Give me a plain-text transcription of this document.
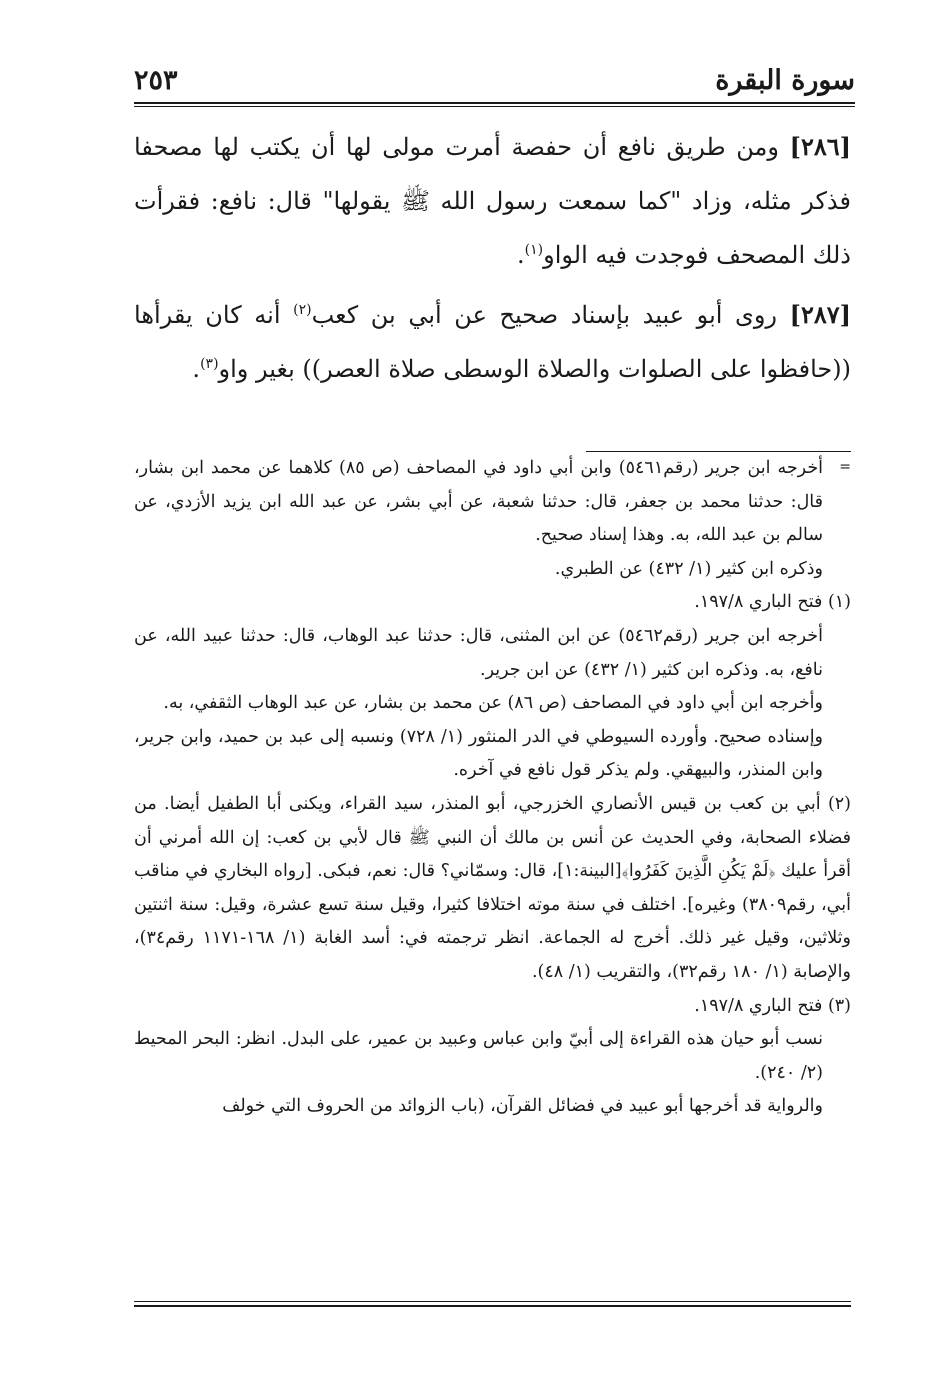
سورة البقرة
٢٥٣

[٢٨٦] ومن طريق نافع أن حفصة أمرت مولى لها أن يكتب لها مصحفا فذكر مثله، وزاد "كما سمعت رسول الله ﷺ يقولها" قال: نافع: فقرأت ذلك المصحف فوجدت فيه الواو$^{(١)}$.

[٢٨٧] روى أبو عبيد بإسناد صحيح عن أبي بن كعب$^{(٢)}$ أنه كان يقرأها ((حافظوا على الصلوات والصلاة الوسطى صلاة العصر)) بغير واو$^{(٣)}$.

=

أخرجه ابن جرير (رقم٥٤٦١) وابن أبي داود في المصاحف (ص ٨٥) كلاهما عن محمد ابن بشار، قال: حدثنا محمد بن جعفر، قال: حدثنا شعبة، عن أبي بشر، عن عبد الله ابن يزيد الأزدي، عن سالم بن عبد الله، به. وهذا إسناد صحيح.

وذكره ابن كثير (١/ ٤٣٢) عن الطبري.

(١) فتح الباري ١٩٧/٨.

أخرجه ابن جرير (رقم٥٤٦٢) عن ابن المثنى، قال: حدثنا عبد الوهاب، قال: حدثنا عبيد الله، عن نافع، به. وذكره ابن كثير (١/ ٤٣٢) عن ابن جرير.

وأخرجه ابن أبي داود في المصاحف (ص ٨٦) عن محمد بن بشار، عن عبد الوهاب الثقفي، به.

وإسناده صحيح. وأورده السيوطي في الدر المنثور (١/ ٧٢٨) ونسبه إلى عبد بن حميد، وابن جرير، وابن المنذر، والبيهقي. ولم يذكر قول نافع في آخره.

(٢) أبي بن كعب بن قيس الأنصاري الخزرجي، أبو المنذر، سيد القراء، ويكنى أبا الطفيل أيضا. من فضلاء الصحابة، وفي الحديث عن أنس بن مالك أن النبي ﷺ قال لأبي بن كعب: إن الله أمرني أن أقرأ عليك ﴿لَمْ يَكُنِ الَّذِينَ كَفَرُوا﴾[البينة:١]، قال: وسمّاني؟ قال: نعم، فبكى. [رواه البخاري في مناقب أبي، رقم٣٨٠٩) وغيره]. اختلف في سنة موته اختلافا كثيرا، وقيل سنة تسع عشرة، وقيل: سنة اثنتين وثلاثين، وقيل غير ذلك. أخرج له الجماعة. انظر ترجمته في: أسد الغابة (١/ ١٦٨-١١٧١ رقم٣٤)، والإصابة (١/ ١٨٠ رقم٣٢)، والتقريب (١/ ٤٨).

(٣) فتح الباري ١٩٧/٨.

نسب أبو حيان هذه القراءة إلى أبيّ وابن عباس وعبيد بن عمير، على البدل. انظر: البحر المحيط (٢/ ٢٤٠).

والرواية قد أخرجها أبو عبيد في فضائل القرآن، (باب الزوائد من الحروف التي خولف
